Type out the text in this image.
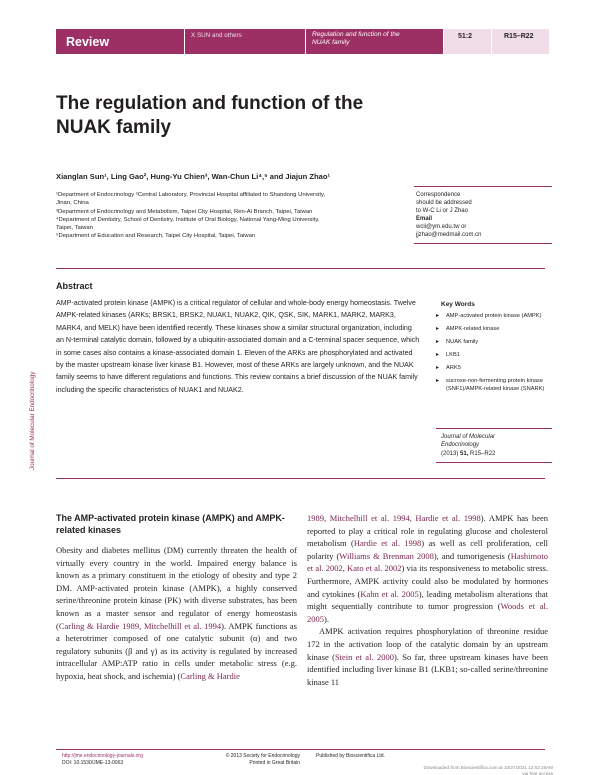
Review	X SUN and others	Regulation and function of the
NUAK family
51:2	R15–R22
The regulation and function of the
NUAK family
Xianglan Sun¹, Ling Gao², Hung-Yu Chien³, Wan-Chun Li⁴,⁵ and Jiajun Zhao¹
¹Department of Endocrinology ²Central Laboratory, Provincial Hospital affiliated to Shandong University,
Jinan, China
³Department of Endocrinology and Metabolism, Taipei City Hospital, Ren-Ai Branch, Taipei, Taiwan
⁴Department of Dentistry, School of Dentistry, Institute of Oral Biology, National Yang-Ming University,
Taipei, Taiwan
⁵Department of Education and Research, Taipei City Hospital, Taipei, Taiwan
Correspondence
should be addressed
to W-C Li or J Zhao
Email
wcli@ym.edu.tw or
jjzhao@medmail.com.cn
Abstract

AMP-activated protein kinase (AMPK) is a critical regulator of cellular and whole-body energy homeostasis. Twelve AMPK-related kinases (ARKs; BRSK1, BRSK2, NUAK1, NUAK2, QIK, QSK, SIK, MARK1, MARK2, MARK3, MARK4, and MELK) have been identified recently. These kinases show a similar structural organization, including an N-terminal catalytic domain, followed by a ubiquitin-associated domain and a C-terminal spacer sequence, which in some cases also contains a kinase-associated domain 1. Eleven of the ARKs are phosphorylated and activated by the master upstream kinase liver kinase B1. However, most of these ARKs are largely unknown, and the NUAK family seems to have different regulations and functions. This review contains a brief discussion of the NUAK family including the specific characteristics of NUAK1 and NUAK2.

Journal of Molecular Endocrinology
Key Words
▸ AMP-activated protein kinase (AMPK)
▸ AMPK-related kinase
▸ NUAK family
▸ LKB1
▸ ARK5
▸ sucrose-non-fermenting protein kinase (SNF1)/AMPK-related kinase (SNARK)
Journal of Molecular
Endocrinology
(2013) 51, R15–R22
The AMP-activated protein kinase (AMPK) and AMPK-related kinases

Obesity and diabetes mellitus (DM) currently threaten the health of virtually every country in the world. Impaired energy balance is known as a primary constituent in the etiology of obesity and type 2 DM. AMP-activated protein kinase (AMPK), a highly conserved serine/threonine protein kinase (PK) with diverse substrates, has been known as a master sensor and regulator of energy homeostasis (Carling & Hardie 1989, Mitchelhill et al. 1994). AMPK functions as a heterotrimer composed of one catalytic subunit (α) and two regulatory subunits (β and γ) as its activity is regulated by increased intracellular AMP:ATP ratio in cells under metabolic stress (e.g. hypoxia, heat shock, and ischemia) (Carling & Hardie

1989, Mitchelhill et al. 1994, Hardie et al. 1998). AMPK has been reported to play a critical role in regulating glucose and cholesterol metabolism (Hardie et al. 1998) as well as cell proliferation, cell polarity (Williams & Brenman 2008), and tumorigenesis (Hashimoto et al. 2002, Kato et al. 2002) via its responsiveness to metabolic stress. Furthermore, AMPK activity could also be modulated by hormones and cytokines (Kahn et al. 2005), leading metabolism alterations that might sequentially contribute to tumor progression (Woods et al. 2005).

AMPK activation requires phosphorylation of threonine residue 172 in the activation loop of the catalytic domain by an upstream kinase (Stein et al. 2000). So far, three upstream kinases have been identified including liver kinase B1 (LKB1; so-called serine/threonine kinase 11

http://jme.endocrinology-journals.org
DOI: 10.1530/JME-13-0063
© 2013 Society for Endocrinology
Printed in Great Britain
Published by Bioscientifica Ltd.
Downloaded from Bioscientifica.com at 10/27/2021 12:53:19AM
via free access
